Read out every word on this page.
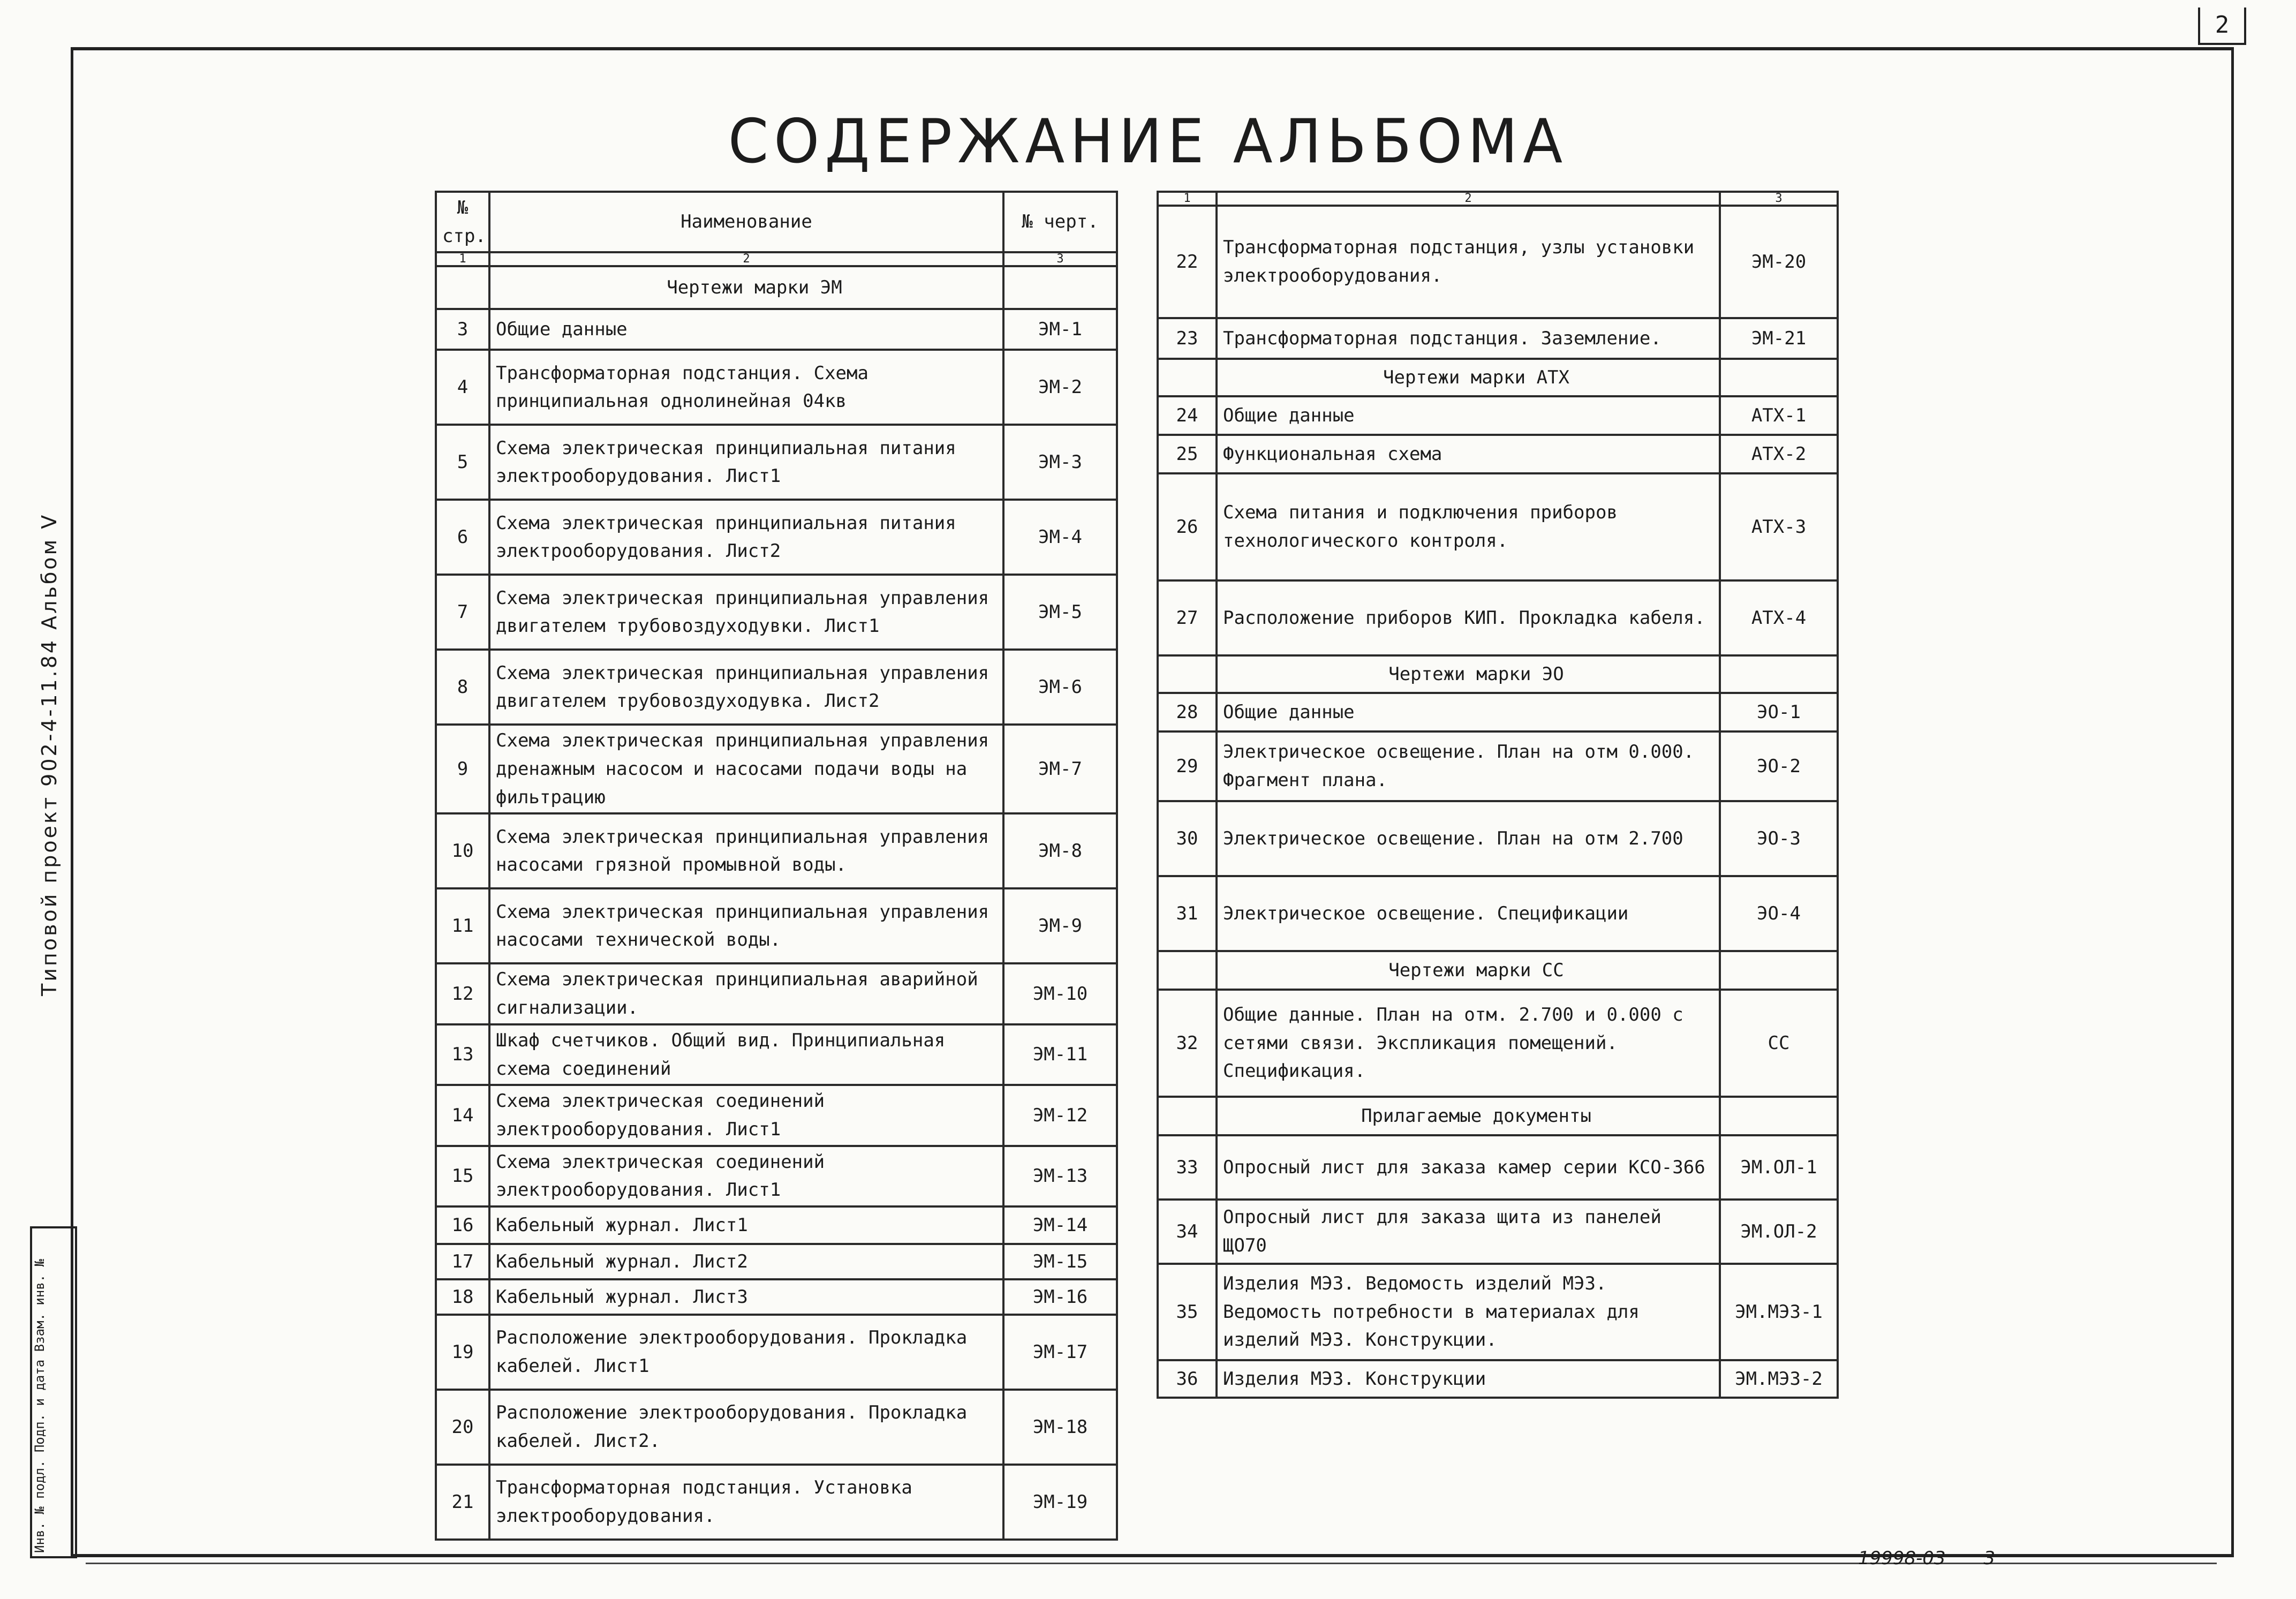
2
СОДЕРЖАНИЕ АЛЬБОМА
Типовой проект 902-4-11.84 Альбом V
Инв. № подл. Подп. и дата Взам. инв. №
№ стр.	Наименование	№ черт.
1	2	3
	Чертежи марки ЭМ	
3	Общие данные	ЭМ-1
4	Трансформаторная подстанция. Схема принципиальная однолинейная 04кв	ЭМ-2
5	Схема электрическая принципиальная питания электрооборудования. Лист1	ЭМ-3
6	Схема электрическая принципиальная питания электрооборудования. Лист2	ЭМ-4
7	Схема электрическая принципиальная управления двигателем трубовоздуходувки. Лист1	ЭМ-5
8	Схема электрическая принципиальная управления двигателем трубовоздуходувка. Лист2	ЭМ-6
9	Схема электрическая принципиальная управления дренажным насосом и насосами подачи воды на фильтрацию	ЭМ-7
10	Схема электрическая принципиальная управления насосами грязной промывной воды.	ЭМ-8
11	Схема электрическая принципиальная управления насосами технической воды.	ЭМ-9
12	Схема электрическая принципиальная аварийной сигнализации.	ЭМ-10
13	Шкаф счетчиков. Общий вид. Принципиальная схема соединений	ЭМ-11
14	Схема электрическая соединений электрооборудования. Лист1	ЭМ-12
15	Схема электрическая соединений электрооборудования. Лист1	ЭМ-13
16	Кабельный журнал. Лист1	ЭМ-14
17	Кабельный журнал. Лист2	ЭМ-15
18	Кабельный журнал. Лист3	ЭМ-16
19	Расположение электрооборудования. Прокладка кабелей. Лист1	ЭМ-17
20	Расположение электрооборудования. Прокладка кабелей. Лист2.	ЭМ-18
21	Трансформаторная подстанция. Установка электрооборудования.	ЭМ-19
1	2	3
22	Трансформаторная подстанция, узлы установки электрооборудования.	ЭМ-20
23	Трансформаторная подстанция. Заземление.	ЭМ-21
	Чертежи марки АТХ	
24	Общие данные	АТХ-1
25	Функциональная схема	АТХ-2
26	Схема питания и подключения приборов технологического контроля.	АТХ-3
27	Расположение приборов КИП. Прокладка кабеля.	АТХ-4
	Чертежи марки ЭО	
28	Общие данные	ЭО-1
29	Электрическое освещение. План на отм 0.000. Фрагмент плана.	ЭО-2
30	Электрическое освещение. План на отм 2.700	ЭО-3
31	Электрическое освещение. Спецификации	ЭО-4
	Чертежи марки СС	
32	Общие данные. План на отм. 2.700 и 0.000 с сетями связи. Экспликация помещений. Спецификация.	СС
	Прилагаемые документы	
33	Опросный лист для заказа камер серии КСО-366	ЭМ.ОЛ-1
34	Опросный лист для заказа щита из панелей ЩО70	ЭМ.ОЛ-2
35	Изделия МЭЗ. Ведомость изделий МЭЗ. Ведомость потребности в материалах для изделий МЭЗ. Конструкции.	ЭМ.МЭЗ-1
36	Изделия МЭЗ. Конструкции	ЭМ.МЭЗ-2
19998-03 3
